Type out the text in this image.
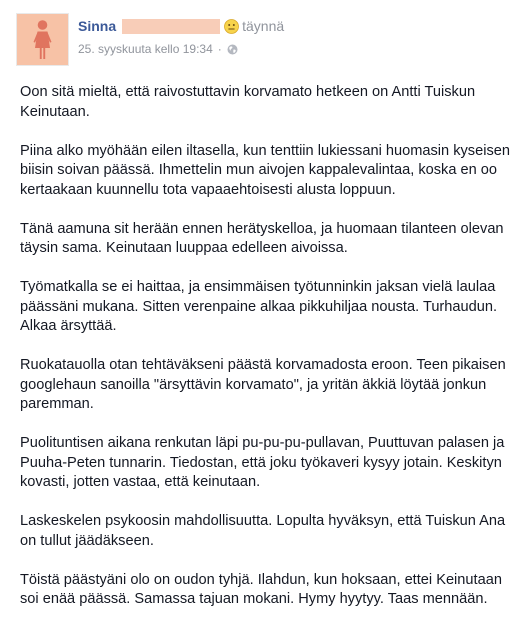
Sinna	täynnä
25. syyskuuta kello 19:34 ·

Oon sitä mieltä, että raivostuttavin korvamato hetkeen on Antti Tuiskun Keinutaan.

Piina alko myöhään eilen iltasella, kun tenttiin lukiessani huomasin kyseisen biisin soivan päässä. Ihmettelin mun aivojen kappalevalintaa, koska en oo kertaakaan kuunnellu tota vapaaehtoisesti alusta loppuun.

Tänä aamuna sit herään ennen herätyskelloa, ja huomaan tilanteen olevan täysin sama. Keinutaan luuppaa edelleen aivoissa.

Työmatkalla se ei haittaa, ja ensimmäisen työtunninkin jaksan vielä laulaa päässäni mukana. Sitten verenpaine alkaa pikkuhiljaa nousta. Turhaudun. Alkaa ärsyttää.

Ruokatauolla otan tehtäväkseni päästä korvamadosta eroon. Teen pikaisen googlehaun sanoilla "ärsyttävin korvamato", ja yritän äkkiä löytää jonkun paremman.

Puolituntisen aikana renkutan läpi pu-pu-pu-pullavan, Puuttuvan palasen ja Puuha-Peten tunnarin. Tiedostan, että joku työkaveri kysyy jotain. Keskityn kovasti, jotten vastaa, että keinutaan.

Laskeskelen psykoosin mahdollisuutta. Lopulta hyväksyn, että Tuiskun Ana on tullut jäädäkseen.

Töistä päästyäni olo on oudon tyhjä. Ilahdun, kun hoksaan, ettei Keinutaan soi enää päässä. Samassa tajuan mokani. Hymy hyytyy. Taas mennään.
